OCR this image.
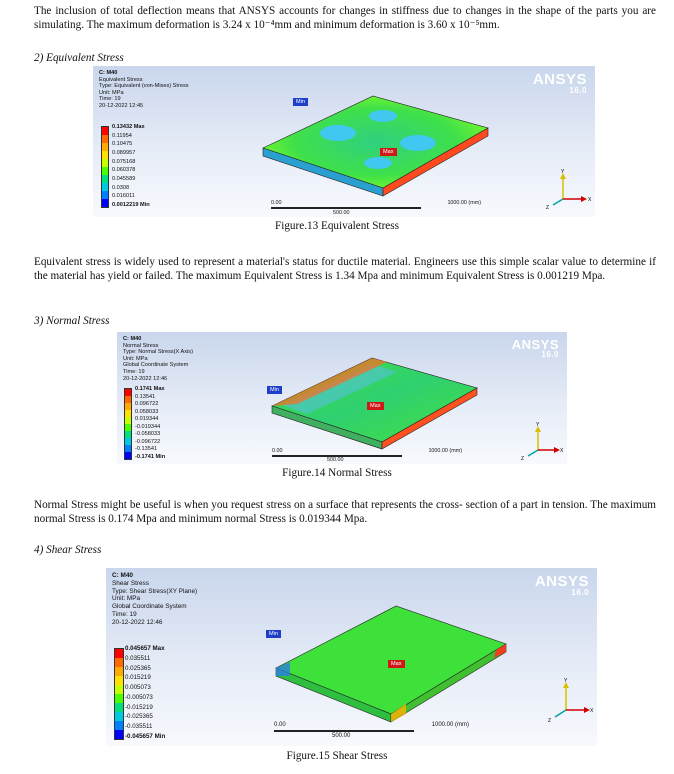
The inclusion of total deflection means that ANSYS accounts for changes in stiffness due to changes in the shape of the parts you are simulating. The maximum deformation is 3.24 x 10⁻⁴mm and minimum deformation is 3.60 x 10⁻⁵mm.

2) Equivalent Stress
C: M40
Equivalent Stress
Type: Equivalent (von-Mises) Stress
Unit: MPa
Time: 19
20-12-2022 12:45
ANSYS
16.0
0.13432 Max
0.11954
0.10475
0.089957
0.075168
0.060378
0.045589
0.0308
0.016011
0.0012219 Min
Min
Max
0.00	1000.00 (mm)
500.00
Y
X
Z
Figure.13 Equivalent Stress

Equivalent stress is widely used to represent a material's status for ductile material. Engineers use this simple scalar value to determine if the material has yield or failed. The maximum Equivalent Stress is 1.34 Mpa and minimum Equivalent Stress is 0.001219 Mpa.

3) Normal Stress
C: M40
Normal Stress
Type: Normal Stress(X Axis)
Unit: MPa
Global Coordinate System
Time: 19
20-12-2022 12:46
ANSYS
16.0
0.1741 Max
0.13541
0.096722
0.058033
0.019344
-0.019344
-0.058033
-0.096722
-0.13541
-0.1741 Min
Min
Max
0.00	1000.00 (mm)
500.00
Y
X
Z
Figure.14 Normal Stress

Normal Stress might be useful is when you request stress on a surface that represents the cross- section of a part in tension. The maximum normal Stress is 0.174 Mpa and minimum normal Stress is 0.019344 Mpa.

4) Shear Stress
C: M40
Shear Stress
Type: Shear Stress(XY Plane)
Unit: MPa
Global Coordinate System
Time: 19
20-12-2022 12:46
ANSYS
16.0
0.045657 Max
0.035511
0.025365
0.015219
0.005073
-0.005073
-0.015219
-0.025365
-0.035511
-0.045657 Min
Min
Max
0.00	1000.00 (mm)
500.00
Y
X
Z
Figure.15 Shear Stress
